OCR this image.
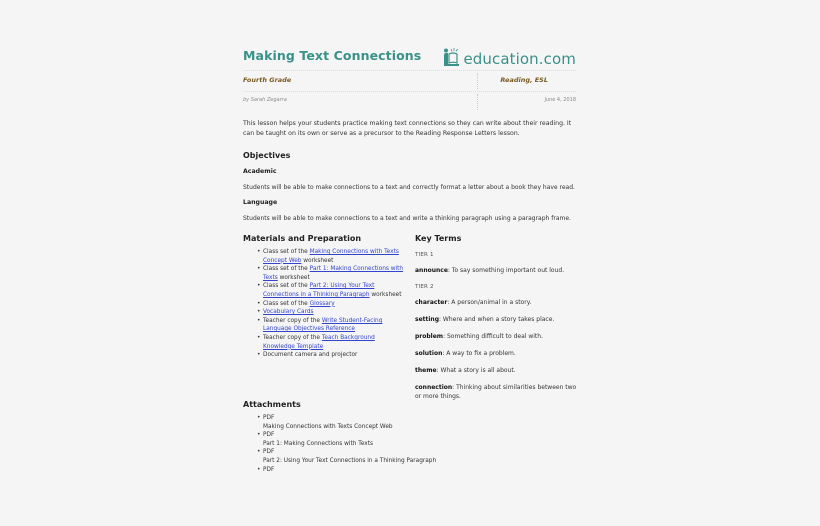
Making Text Connections	education.com
Fourth Grade	Reading, ESL
by Sarah Zegarra	June 4, 2018
This lesson helps your students practice making text connections so they can write about their reading. It can be taught on its own or serve as a precursor to the Reading Response Letters lesson.
Objectives
Academic

Students will be able to make connections to a text and correctly format a letter about a book they have read.

Language

Students will be able to make connections to a text and write a thinking paragraph using a paragraph frame.

Materials and Preparation
• Class set of the Making Connections with Texts Concept Web worksheet
• Class set of the Part 1: Making Connections with Texts worksheet
• Class set of the Part 2: Using Your Text Connections in a Thinking Paragraph worksheet
• Class set of the Glossary
• Vocabulary Cards
• Teacher copy of the Write Student-Facing Language Objectives Reference
• Teacher copy of the Teach Background Knowledge Template
• Document camera and projector
Key Terms
TIER 1
announce: To say something important out loud.
TIER 2
character: A person/animal in a story.
setting: Where and when a story takes place.
problem: Something difficult to deal with.
solution: A way to fix a problem.
theme: What a story is all about.
connection: Thinking about similarities between two or more things.
Attachments
• PDF
Making Connections with Texts Concept Web
• PDF
Part 1: Making Connections with Texts
• PDF
Part 2: Using Your Text Connections in a Thinking Paragraph
• PDF
